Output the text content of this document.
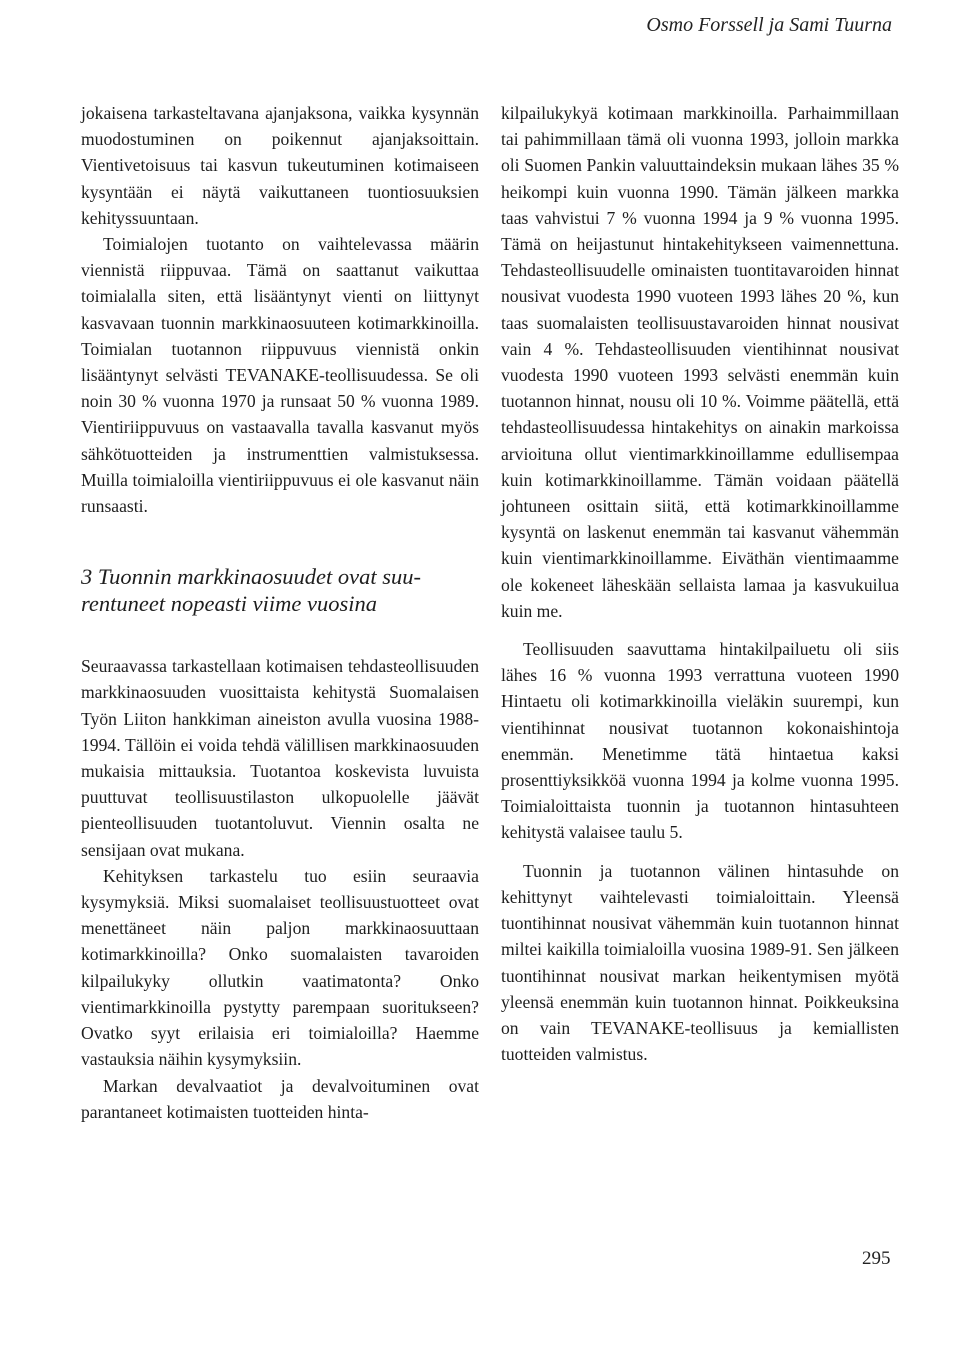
Osmo Forssell ja Sami Tuurna

jokaisena tarkasteltavana ajanjaksona, vaikka kysynnän muodostuminen on poikennut ajanjaksoittain. Vientivetoisuus tai kasvun tukeutuminen kotimaiseen kysyntään ei näytä vaikuttaneen tuontiosuuksien kehityssuuntaan.

Toimialojen tuotanto on vaihtelevassa määrin viennistä riippuvaa. Tämä on saattanut vaikuttaa toimialalla siten, että lisääntynyt vienti on liittynyt kasvavaan tuonnin markkinaosuuteen kotimarkkinoilla. Toimialan tuotannon riippuvuus viennistä onkin lisääntynyt selvästi TEVANAKE-teollisuudessa. Se oli noin 30 % vuonna 1970 ja runsaat 50 % vuonna 1989. Vientiriippuvuus on vastaavalla tavalla kasvanut myös sähkötuotteiden ja instrumenttien valmistuksessa. Muilla toimialoilla vientiriippuvuus ei ole kasvanut näin runsaasti.

3 Tuonnin markkinaosuudet ovat suu-
rentuneet nopeasti viime vuosina

Seuraavassa tarkastellaan kotimaisen tehdasteollisuuden markkinaosuuden vuosittaista kehitystä Suomalaisen Työn Liiton hankkiman aineiston avulla vuosina 1988-1994. Tällöin ei voida tehdä välillisen markkinaosuuden mukaisia mittauksia. Tuotantoa koskevista luvuista puuttuvat teollisuustilaston ulkopuolelle jäävät pienteollisuuden tuotantoluvut. Viennin osalta ne sensijaan ovat mukana.

Kehityksen tarkastelu tuo esiin seuraavia kysymyksiä. Miksi suomalaiset teollisuustuotteet ovat menettäneet näin paljon markkinaosuuttaan kotimarkkinoilla? Onko suomalaisten tavaroiden kilpailukyky ollutkin vaatimatonta? Onko vientimarkkinoilla pystytty parempaan suoritukseen? Ovatko syyt erilaisia eri toimialoilla? Haemme vastauksia näihin kysymyksiin.

Markan devalvaatiot ja devalvoituminen ovat parantaneet kotimaisten tuotteiden hinta-

kilpailukykyä kotimaan markkinoilla. Parhaimmillaan tai pahimmillaan tämä oli vuonna 1993, jolloin markka oli Suomen Pankin valuuttaindeksin mukaan lähes 35 % heikompi kuin vuonna 1990. Tämän jälkeen markka taas vahvistui 7 % vuonna 1994 ja 9 % vuonna 1995. Tämä on heijastunut hintakehitykseen vaimennettuna. Tehdasteollisuudelle ominaisten tuontitavaroiden hinnat nousivat vuodesta 1990 vuoteen 1993 lähes 20 %, kun taas suomalaisten teollisuustavaroiden hinnat nousivat vain 4 %. Tehdasteollisuuden vientihinnat nousivat vuodesta 1990 vuoteen 1993 selvästi enemmän kuin tuotannon hinnat, nousu oli 10 %. Voimme päätellä, että tehdasteollisuudessa hintakehitys on ainakin markoissa arvioituna ollut vientimarkkinoillamme edullisempaa kuin kotimarkkinoillamme. Tämän voidaan päätellä johtuneen osittain siitä, että kotimarkkinoillamme kysyntä on laskenut enemmän tai kasvanut vähemmän kuin vientimarkkinoillamme. Eiväthän vientimaamme ole kokeneet läheskään sellaista lamaa ja kasvukuilua kuin me.

Teollisuuden saavuttama hintakilpailuetu oli siis lähes 16 % vuonna 1993 verrattuna vuoteen 1990 Hintaetu oli kotimarkkinoilla vieläkin suurempi, kun vientihinnat nousivat tuotannon kokonaishintoja enemmän. Menetimme tätä hintaetua kaksi prosenttiyksikköä vuonna 1994 ja kolme vuonna 1995. Toimialoittaista tuonnin ja tuotannon hintasuhteen kehitystä valaisee taulu 5.

Tuonnin ja tuotannon välinen hintasuhde on kehittynyt vaihtelevasti toimialoittain. Yleensä tuontihinnat nousivat vähemmän kuin tuotannon hinnat miltei kaikilla toimialoilla vuosina 1989-91. Sen jälkeen tuontihinnat nousivat markan heikentymisen myötä yleensä enemmän kuin tuotannon hinnat. Poikkeuksina on vain TEVANAKE-teollisuus ja kemiallisten tuotteiden valmistus.

295
